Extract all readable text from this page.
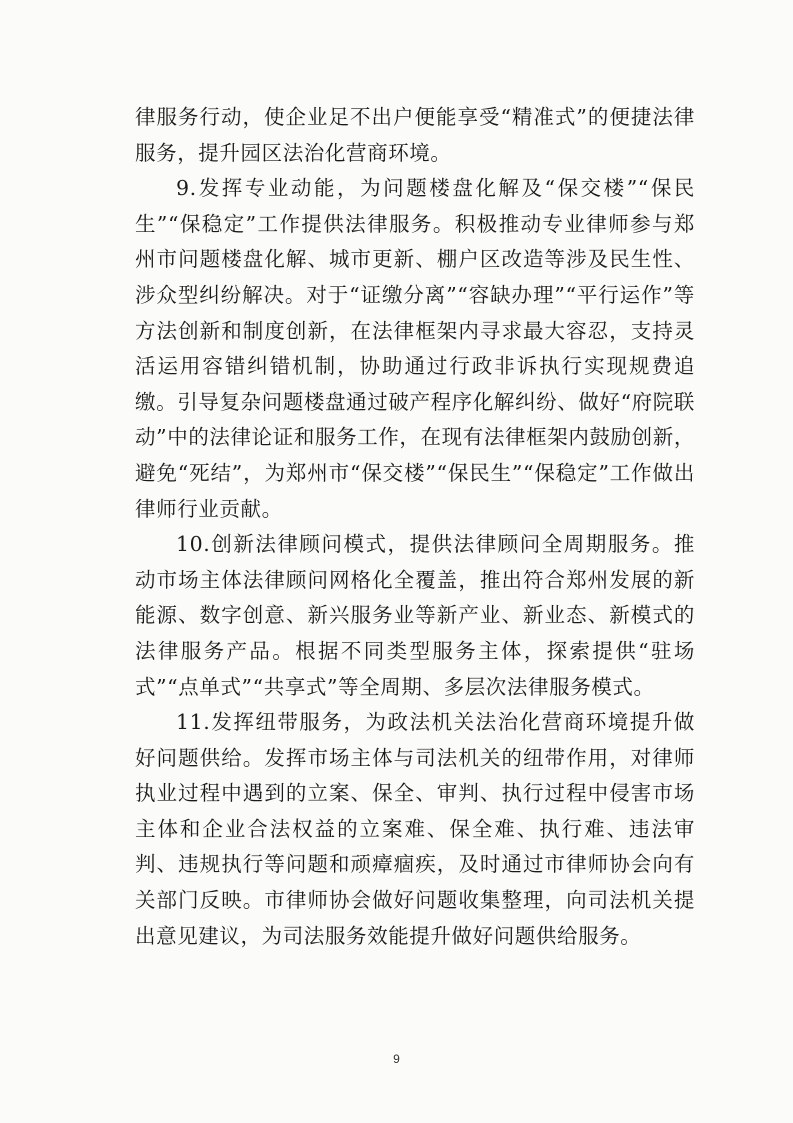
律服务行动，使企业足不出户便能享受“精准式”的便捷法律服务，提升园区法治化营商环境。

9.发挥专业动能，为问题楼盘化解及“保交楼”“保民生”“保稳定”工作提供法律服务。积极推动专业律师参与郑州市问题楼盘化解、城市更新、棚户区改造等涉及民生性、涉众型纠纷解决。对于“证缴分离”“容缺办理”“平行运作”等方法创新和制度创新，在法律框架内寻求最大容忍，支持灵活运用容错纠错机制，协助通过行政非诉执行实现规费追缴。引导复杂问题楼盘通过破产程序化解纠纷、做好“府院联动”中的法律论证和服务工作，在现有法律框架内鼓励创新，避免“死结”，为郑州市“保交楼”“保民生”“保稳定”工作做出律师行业贡献。

10.创新法律顾问模式，提供法律顾问全周期服务。推动市场主体法律顾问网格化全覆盖，推出符合郑州发展的新能源、数字创意、新兴服务业等新产业、新业态、新模式的法律服务产品。根据不同类型服务主体，探索提供“驻场式”“点单式”“共享式”等全周期、多层次法律服务模式。

11.发挥纽带服务，为政法机关法治化营商环境提升做好问题供给。发挥市场主体与司法机关的纽带作用，对律师执业过程中遇到的立案、保全、审判、执行过程中侵害市场主体和企业合法权益的立案难、保全难、执行难、违法审判、违规执行等问题和顽瘴痼疾，及时通过市律师协会向有关部门反映。市律师协会做好问题收集整理，向司法机关提出意见建议，为司法服务效能提升做好问题供给服务。

9
